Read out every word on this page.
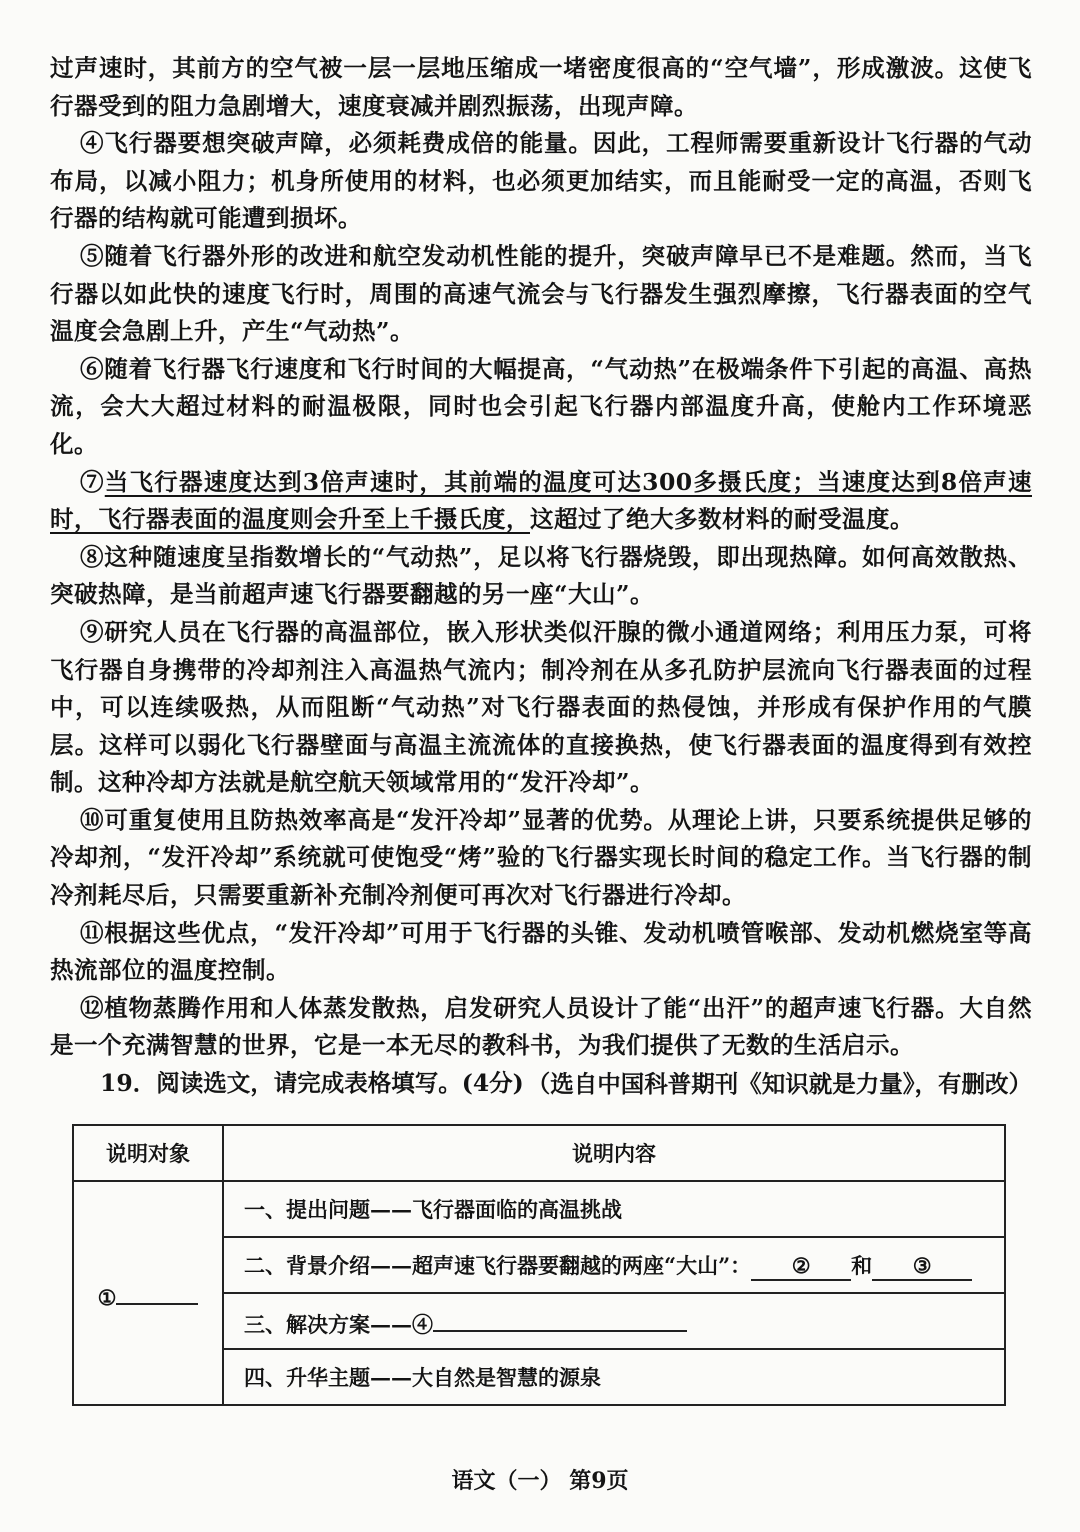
过声速时，其前方的空气被一层一层地压缩成一堵密度很高的“空气墙”，形成激波。这使飞行器受到的阻力急剧增大，速度衰减并剧烈振荡，出现声障。

④飞行器要想突破声障，必须耗费成倍的能量。因此，工程师需要重新设计飞行器的气动布局，以减小阻力；机身所使用的材料，也必须更加结实，而且能耐受一定的高温，否则飞行器的结构就可能遭到损坏。

⑤随着飞行器外形的改进和航空发动机性能的提升，突破声障早已不是难题。然而，当飞行器以如此快的速度飞行时，周围的高速气流会与飞行器发生强烈摩擦，飞行器表面的空气温度会急剧上升，产生“气动热”。

⑥随着飞行器飞行速度和飞行时间的大幅提高，“气动热”在极端条件下引起的高温、高热流，会大大超过材料的耐温极限，同时也会引起飞行器内部温度升高，使舱内工作环境恶化。

⑦当飞行器速度达到3倍声速时，其前端的温度可达300多摄氏度；当速度达到8倍声速时，飞行器表面的温度则会升至上千摄氏度，这超过了绝大多数材料的耐受温度。

⑧这种随速度呈指数增长的“气动热”，足以将飞行器烧毁，即出现热障。如何高效散热、突破热障，是当前超声速飞行器要翻越的另一座“大山”。

⑨研究人员在飞行器的高温部位，嵌入形状类似汗腺的微小通道网络；利用压力泵，可将飞行器自身携带的冷却剂注入高温热气流内；制冷剂在从多孔防护层流向飞行器表面的过程中，可以连续吸热，从而阻断“气动热”对飞行器表面的热侵蚀，并形成有保护作用的气膜层。这样可以弱化飞行器壁面与高温主流流体的直接换热，使飞行器表面的温度得到有效控制。这种冷却方法就是航空航天领域常用的“发汗冷却”。

⑩可重复使用且防热效率高是“发汗冷却”显著的优势。从理论上讲，只要系统提供足够的冷却剂，“发汗冷却”系统就可使饱受“烤”验的飞行器实现长时间的稳定工作。当飞行器的制冷剂耗尽后，只需要重新补充制冷剂便可再次对飞行器进行冷却。

⑪根据这些优点，“发汗冷却”可用于飞行器的头锥、发动机喷管喉部、发动机燃烧室等高热流部位的温度控制。

⑫植物蒸腾作用和人体蒸发散热，启发研究人员设计了能“出汗”的超声速飞行器。大自然是一个充满智慧的世界，它是一本无尽的教科书，为我们提供了无数的生活启示。

（选自中国科普期刊《知识就是力量》，有删改）

19．阅读选文，请完成表格填写。(4分)

说明对象	说明内容
①	一、提出问题——飞行器面临的高温挑战
	二、背景介绍——超声速飞行器要翻越的两座“大山”： ② 和 ③
	三、解决方案——④
	四、升华主题——大自然是智慧的源泉
语文（一） 第9页
